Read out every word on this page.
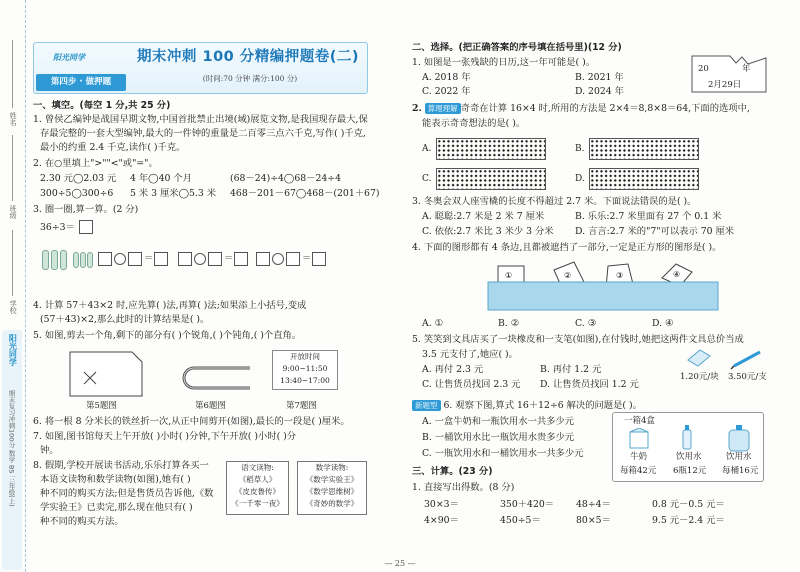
姓名
班级
学校
阳光同学
期末复习冲刺100分 数学 BS 三年级(上)
阳光同学
第四步 · 做押题
期末冲刺 100 分精编押题卷(二)
(时间:70 分钟 满分:100 分)
一、填空。(每空 1 分,共 25 分)
1. 曾侯乙编钟是战国早期文物,中国首批禁止出境(域)展览文物,是我国现存最大,保
存最完整的一套大型编钟,最大的一件钟的重量是二百零三点六千克,写作( )千克,
最小的约重 2.4 千克,读作( )千克。
2. 在○里填上">""<"或"="。
2.30 元◯2.03 元 4 年◯40 个月	(68－24)÷4◯68－24÷4
300÷5◯300÷6 5 米 3 厘米◯5.3 米 468－201－67◯468－(201＋67)
3. 圈一圈,算一算。(2 分)
36÷3＝
＝	＝	＝
4. 计算 57＋43×2 时,应先算( )法,再算( )法;如果添上小括号,变成
(57＋43)×2,那么此时的计算结果是( )。
5. 如图,剪去一个角,剩下的部分有( )个锐角,( )个钝角,( )个直角。
开放时间
9:00~11:50
13:40~17:00
第5题图	第6题图	第7题图
6. 将一根 8 分米长的铁丝折一次,从正中间剪开(如图),最长的一段是( )厘米。
7. 如图,图书馆每天上午开放( )小时( )分钟,下午开放( )小时( )分
钟。
8. 假期,学校开展读书活动,乐乐打算各买一
本语文读物和数学读物(如图),她有( )
种不同的购买方法;但是售货员告诉他,《数
学实验王》已卖完,那么现在他只有( )
种不同的购买方法。
语文读物:
《稻草人》
《皮皮鲁传》
《一千零一夜》
数学读物:
《数学实验王》
《数学思维树》
《奇妙的数学》
二、选择。(把正确答案的序号填在括号里)(12 分)
1. 如图是一张残缺的日历,这一年可能是( )。
A. 2018 年	B. 2021 年
C. 2022 年	D. 2024 年
20	年
2月29日
2. 算理理解 奇奇在计算 16×4 时,所用的方法是 2×4＝8,8×8＝64,下面的选项中,
能表示奇奇想法的是( )。
A.	B.
C.	D.
3. 冬奥会双人座雪橇的长度不得超过 2.7 米。下面说法错误的是( )。
A. 聪聪:2.7 米是 2 米 7 厘米	B. 乐乐:2.7 米里面有 27 个 0.1 米
C. 依依:2.7 米比 3 米少 3 分米 D. 言言:2.7 米的"7"可以表示 70 厘米
4. 下面的图形都有 4 条边,且都被遮挡了一部分,一定是正方形的图形是( )。
①	②	③	④
A. ①	B. ②	C. ③	D. ④
5. 笑笑到文具店买了一块橡皮和一支笔(如图),在付钱时,她把这两件文具总价当成
3.5 元支付了,她应( )。
A. 再付 2.3 元	B. 再付 1.2 元
C. 让售货员找回 2.3 元 D. 让售货员找回 1.2 元
1.20元/块 3.50元/支
新题型 6. 观察下图,算式 16＋12÷6 解决的问题是( )。
A. 一盒牛奶和一瓶饮用水一共多少元
B. 一桶饮用水比一瓶饮用水贵多少元
C. 一瓶饮用水和一桶饮用水一共多少元
一箱4盒
牛奶
每箱42元
饮用水
6瓶12元
饮用水
每桶16元
三、计算。(23 分)
1. 直接写出得数。(8 分)
30×3＝	350＋420＝ 48÷4＝	0.8 元－0.5 元＝
4×90＝	450÷5＝	80×5＝	9.5 元－2.4 元＝
— 25 —
